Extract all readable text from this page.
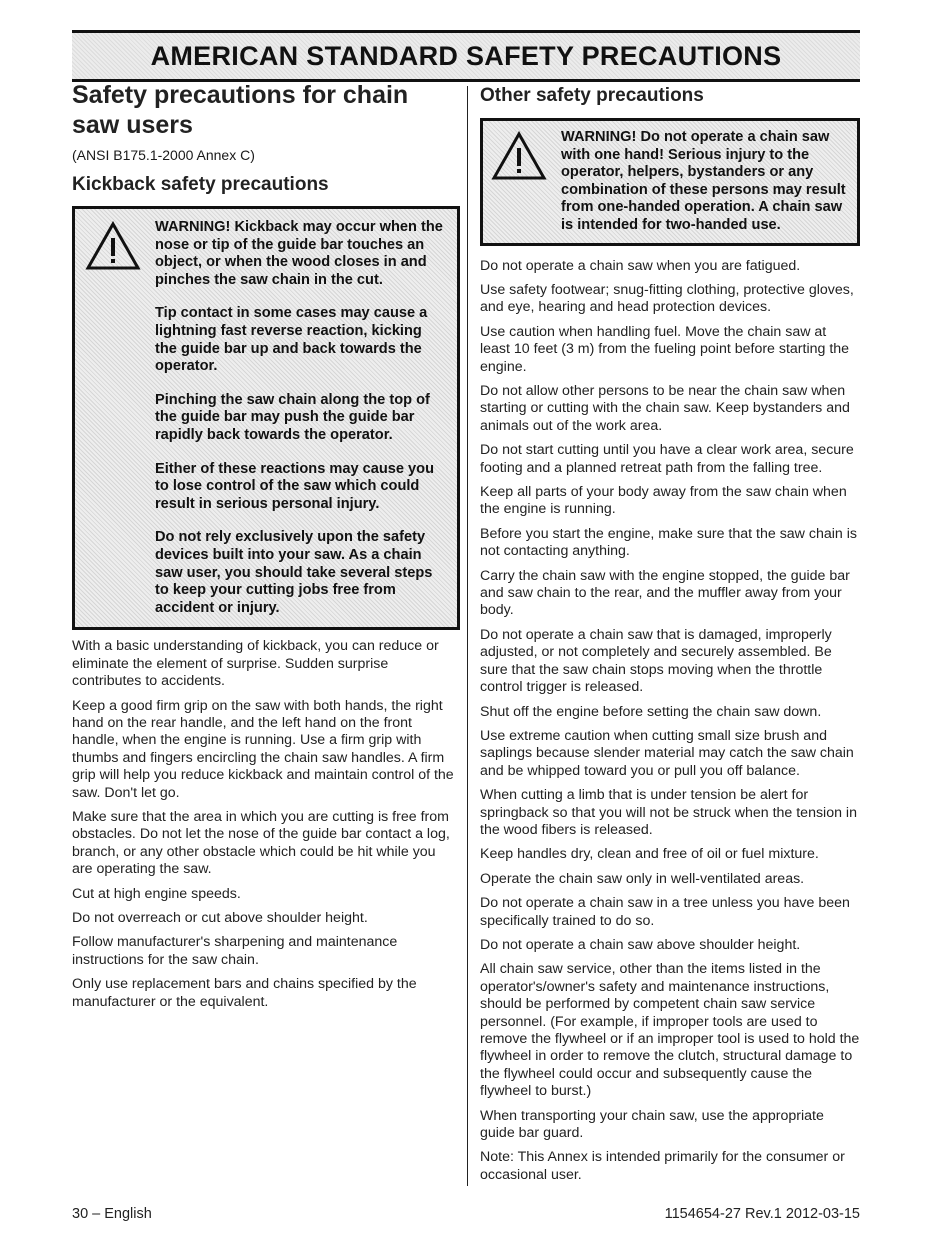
AMERICAN STANDARD SAFETY PRECAUTIONS

Safety precautions for chain saw users

(ANSI B175.1-2000 Annex C)

Kickback safety precautions

WARNING! Kickback may occur when the nose or tip of the guide bar touches an object, or when the wood closes in and pinches the saw chain in the cut.

Tip contact in some cases may cause a lightning fast reverse reaction, kicking the guide bar up and back towards the operator.

Pinching the saw chain along the top of the guide bar may push the guide bar rapidly back towards the operator.

Either of these reactions may cause you to lose control of the saw which could result in serious personal injury.

Do not rely exclusively upon the safety devices built into your saw. As a chain saw user, you should take several steps to keep your cutting jobs free from accident or injury.

With a basic understanding of kickback, you can reduce or eliminate the element of surprise. Sudden surprise contributes to accidents.

Keep a good firm grip on the saw with both hands, the right hand on the rear handle, and the left hand on the front handle, when the engine is running. Use a firm grip with thumbs and fingers encircling the chain saw handles. A firm grip will help you reduce kickback and maintain control of the saw. Don't let go.

Make sure that the area in which you are cutting is free from obstacles. Do not let the nose of the guide bar contact a log, branch, or any other obstacle which could be hit while you are operating the saw.

Cut at high engine speeds.

Do not overreach or cut above shoulder height.

Follow manufacturer's sharpening and maintenance instructions for the saw chain.

Only use replacement bars and chains specified by the manufacturer or the equivalent.

Other safety precautions

WARNING! Do not operate a chain saw with one hand! Serious injury to the operator, helpers, bystanders or any combination of these persons may result from one-handed operation. A chain saw is intended for two-handed use.

Do not operate a chain saw when you are fatigued.

Use safety footwear; snug-fitting clothing, protective gloves, and eye, hearing and head protection devices.

Use caution when handling fuel. Move the chain saw at least 10 feet (3 m) from the fueling point before starting the engine.

Do not allow other persons to be near the chain saw when starting or cutting with the chain saw. Keep bystanders and animals out of the work area.

Do not start cutting until you have a clear work area, secure footing and a planned retreat path from the falling tree.

Keep all parts of your body away from the saw chain when the engine is running.

Before you start the engine, make sure that the saw chain is not contacting anything.

Carry the chain saw with the engine stopped, the guide bar and saw chain to the rear, and the muffler away from your body.

Do not operate a chain saw that is damaged, improperly adjusted, or not completely and securely assembled. Be sure that the saw chain stops moving when the throttle control trigger is released.

Shut off the engine before setting the chain saw down.

Use extreme caution when cutting small size brush and saplings because slender material may catch the saw chain and be whipped toward you or pull you off balance.

When cutting a limb that is under tension be alert for springback so that you will not be struck when the tension in the wood fibers is released.

Keep handles dry, clean and free of oil or fuel mixture.

Operate the chain saw only in well-ventilated areas.

Do not operate a chain saw in a tree unless you have been specifically trained to do so.

Do not operate a chain saw above shoulder height.

All chain saw service, other than the items listed in the operator's/owner's safety and maintenance instructions, should be performed by competent chain saw service personnel. (For example, if improper tools are used to remove the flywheel or if an improper tool is used to hold the flywheel in order to remove the clutch, structural damage to the flywheel could occur and subsequently cause the flywheel to burst.)

When transporting your chain saw, use the appropriate guide bar guard.

Note: This Annex is intended primarily for the consumer or occasional user.

30 – English	1154654-27 Rev.1 2012-03-15
